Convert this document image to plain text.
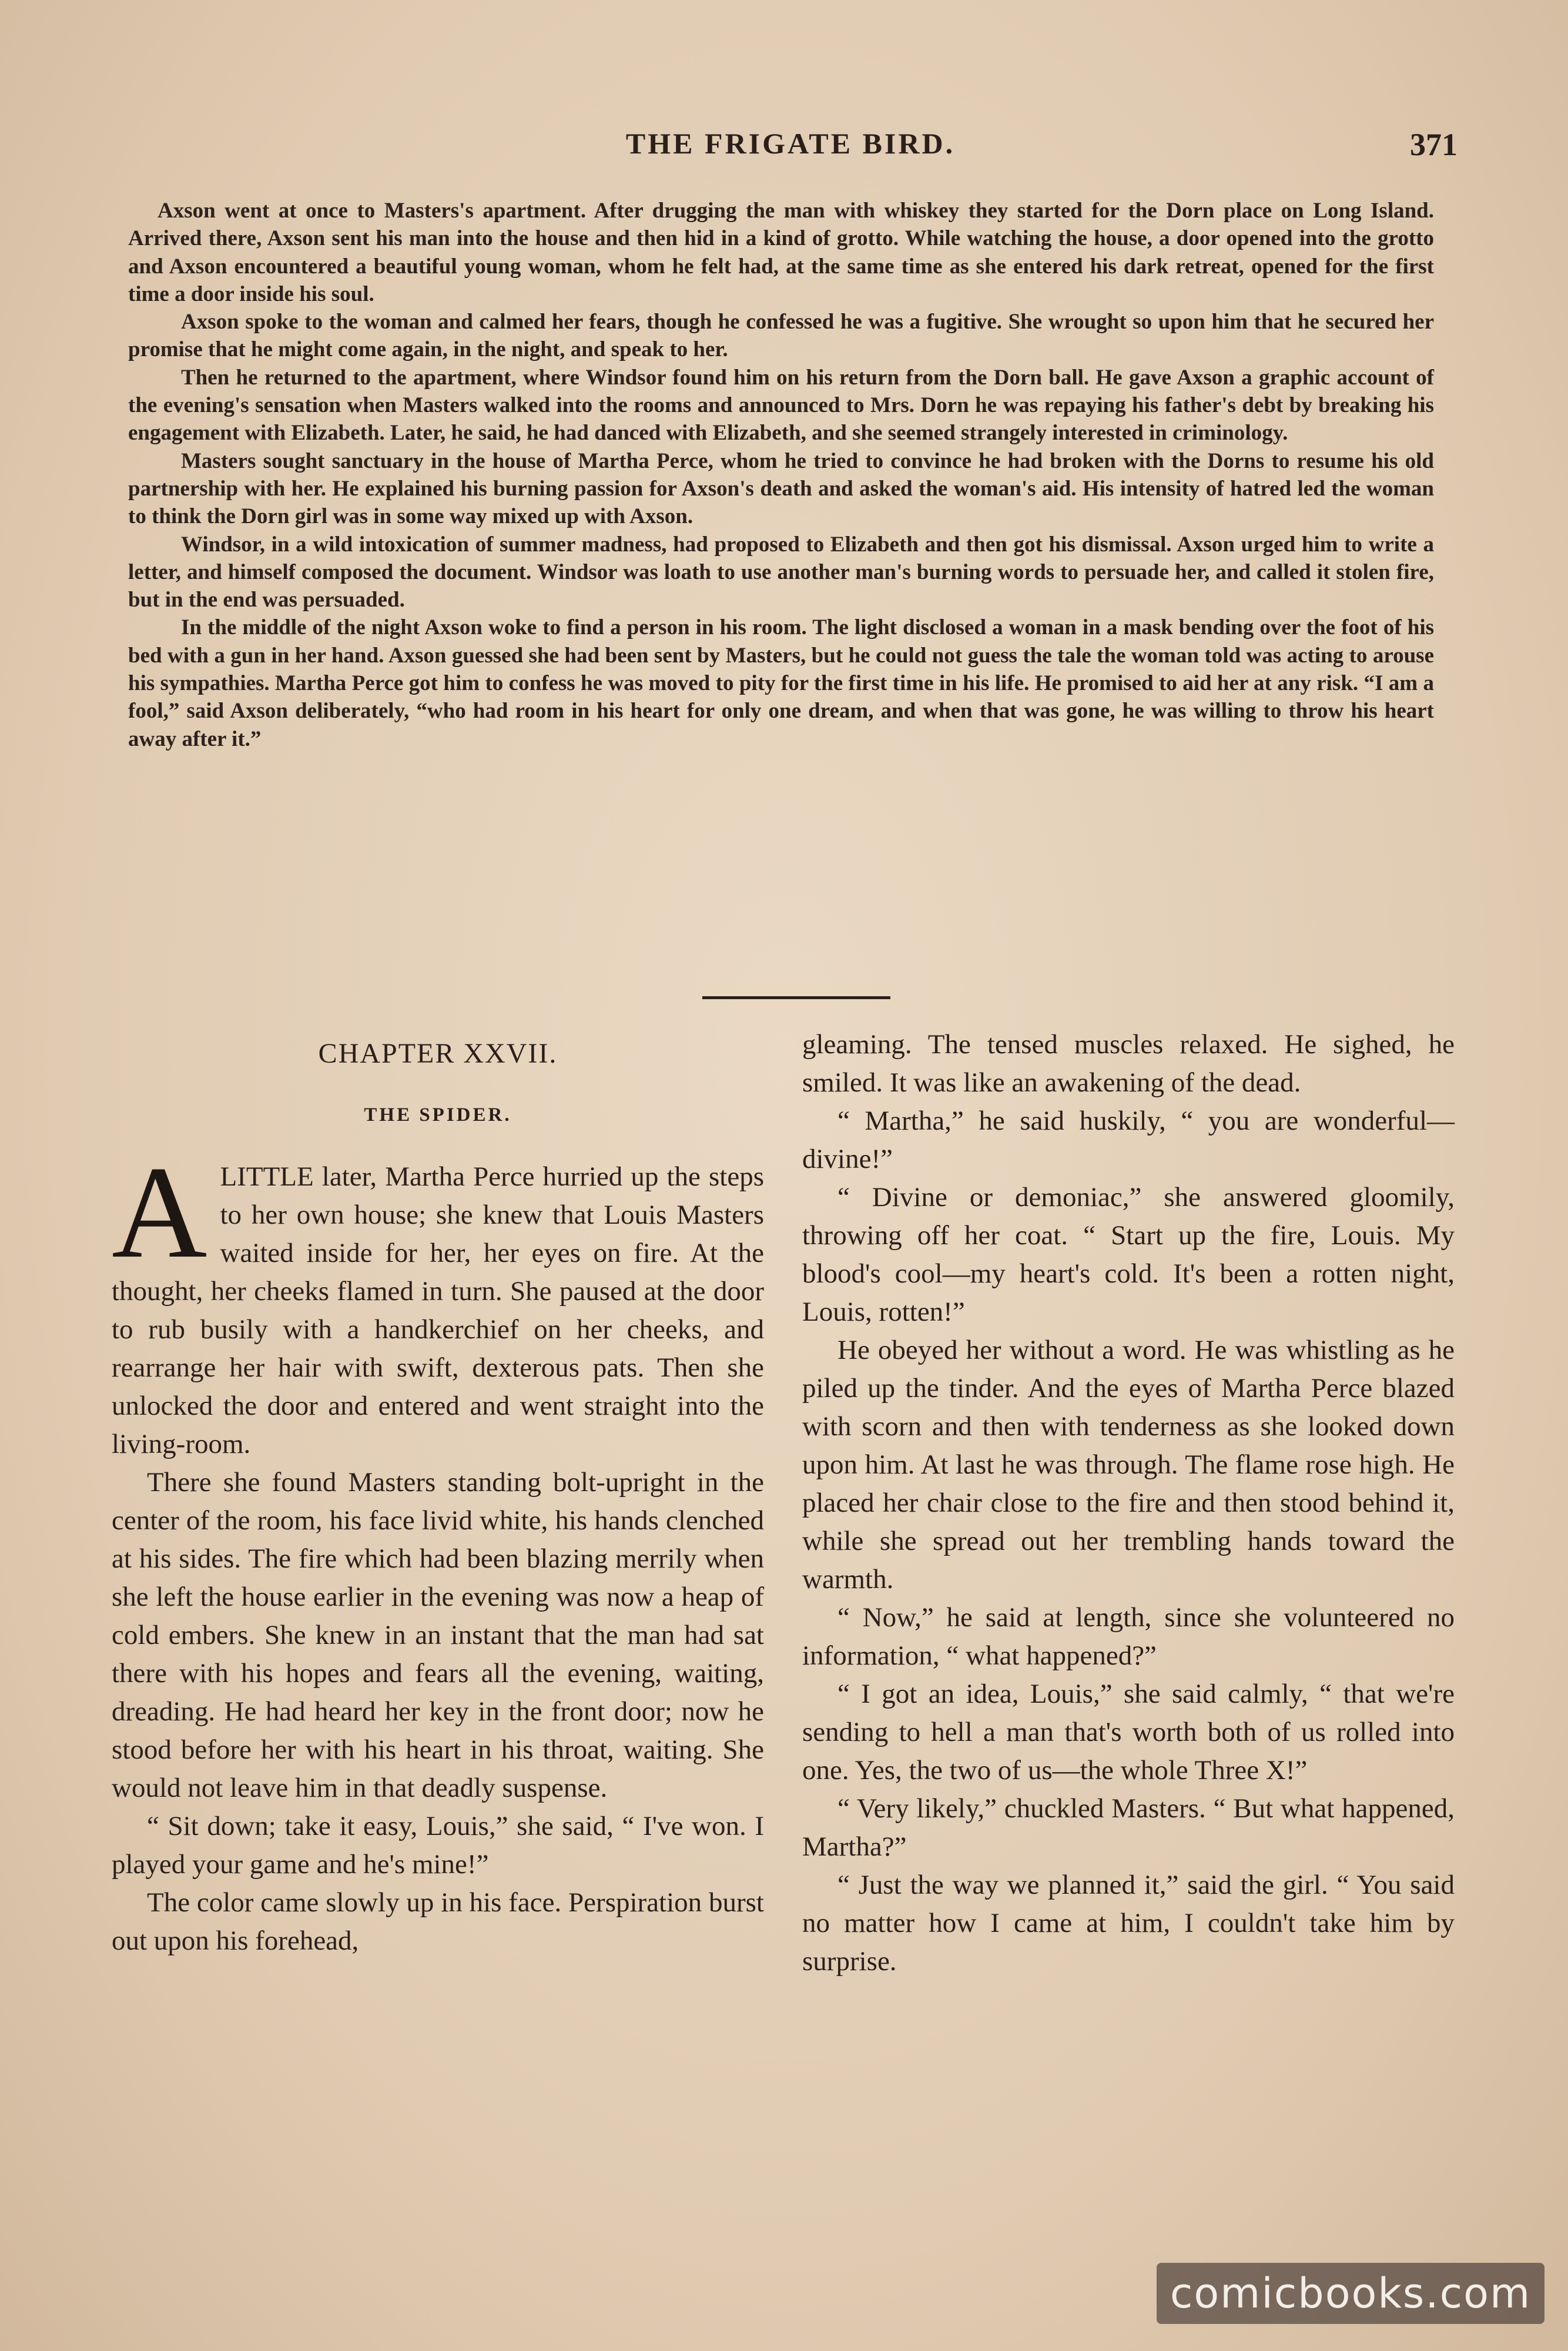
THE FRIGATE BIRD.	371

Axson went at once to Masters's apartment. After drugging the man with whiskey they started for the Dorn place on Long Island. Arrived there, Axson sent his man into the house and then hid in a kind of grotto. While watching the house, a door opened into the grotto and Axson encountered a beautiful young woman, whom he felt had, at the same time as she entered his dark retreat, opened for the first time a door inside his soul.

Axson spoke to the woman and calmed her fears, though he confessed he was a fugitive. She wrought so upon him that he secured her promise that he might come again, in the night, and speak to her.

Then he returned to the apartment, where Windsor found him on his return from the Dorn ball. He gave Axson a graphic account of the evening's sensation when Masters walked into the rooms and announced to Mrs. Dorn he was repaying his father's debt by breaking his engagement with Elizabeth. Later, he said, he had danced with Elizabeth, and she seemed strangely interested in criminology.

Masters sought sanctuary in the house of Martha Perce, whom he tried to convince he had broken with the Dorns to resume his old partnership with her. He explained his burning passion for Axson's death and asked the woman's aid. His intensity of hatred led the woman to think the Dorn girl was in some way mixed up with Axson.

Windsor, in a wild intoxication of summer madness, had proposed to Elizabeth and then got his dismissal. Axson urged him to write a letter, and himself composed the document. Windsor was loath to use another man's burning words to persuade her, and called it stolen fire, but in the end was persuaded.

In the middle of the night Axson woke to find a person in his room. The light disclosed a woman in a mask bending over the foot of his bed with a gun in her hand. Axson guessed she had been sent by Masters, but he could not guess the tale the woman told was acting to arouse his sympathies. Martha Perce got him to confess he was moved to pity for the first time in his life. He promised to aid her at any risk. “I am a fool,” said Axson deliberately, “who had room in his heart for only one dream, and when that was gone, he was willing to throw his heart away after it.”

CHAPTER XXVII.
THE SPIDER.

ALITTLE later, Martha Perce hurried up the steps to her own house; she knew that Louis Masters waited inside for her, her eyes on fire. At the thought, her cheeks flamed in turn. She paused at the door to rub busily with a handkerchief on her cheeks, and rearrange her hair with swift, dexterous pats. Then she unlocked the door and entered and went straight into the living-room.

There she found Masters standing bolt-upright in the center of the room, his face livid white, his hands clenched at his sides. The fire which had been blazing merrily when she left the house earlier in the evening was now a heap of cold embers. She knew in an instant that the man had sat there with his hopes and fears all the evening, waiting, dreading. He had heard her key in the front door; now he stood before her with his heart in his throat, waiting. She would not leave him in that deadly suspense.

“ Sit down; take it easy, Louis,” she said, “ I've won. I played your game and he's mine!”

The color came slowly up in his face. Perspiration burst out upon his forehead,

gleaming. The tensed muscles relaxed. He sighed, he smiled. It was like an awakening of the dead.

“ Martha,” he said huskily, “ you are wonderful—divine!”

“ Divine or demoniac,” she answered gloomily, throwing off her coat. “ Start up the fire, Louis. My blood's cool—my heart's cold. It's been a rotten night, Louis, rotten!”

He obeyed her without a word. He was whistling as he piled up the tinder. And the eyes of Martha Perce blazed with scorn and then with tenderness as she looked down upon him. At last he was through. The flame rose high. He placed her chair close to the fire and then stood behind it, while she spread out her trembling hands toward the warmth.

“ Now,” he said at length, since she volunteered no information, “ what happened?”

“ I got an idea, Louis,” she said calmly, “ that we're sending to hell a man that's worth both of us rolled into one. Yes, the two of us—the whole Three X!”

“ Very likely,” chuckled Masters. “ But what happened, Martha?”

“ Just the way we planned it,” said the girl. “ You said no matter how I came at him, I couldn't take him by surprise.

comicbooks.com
